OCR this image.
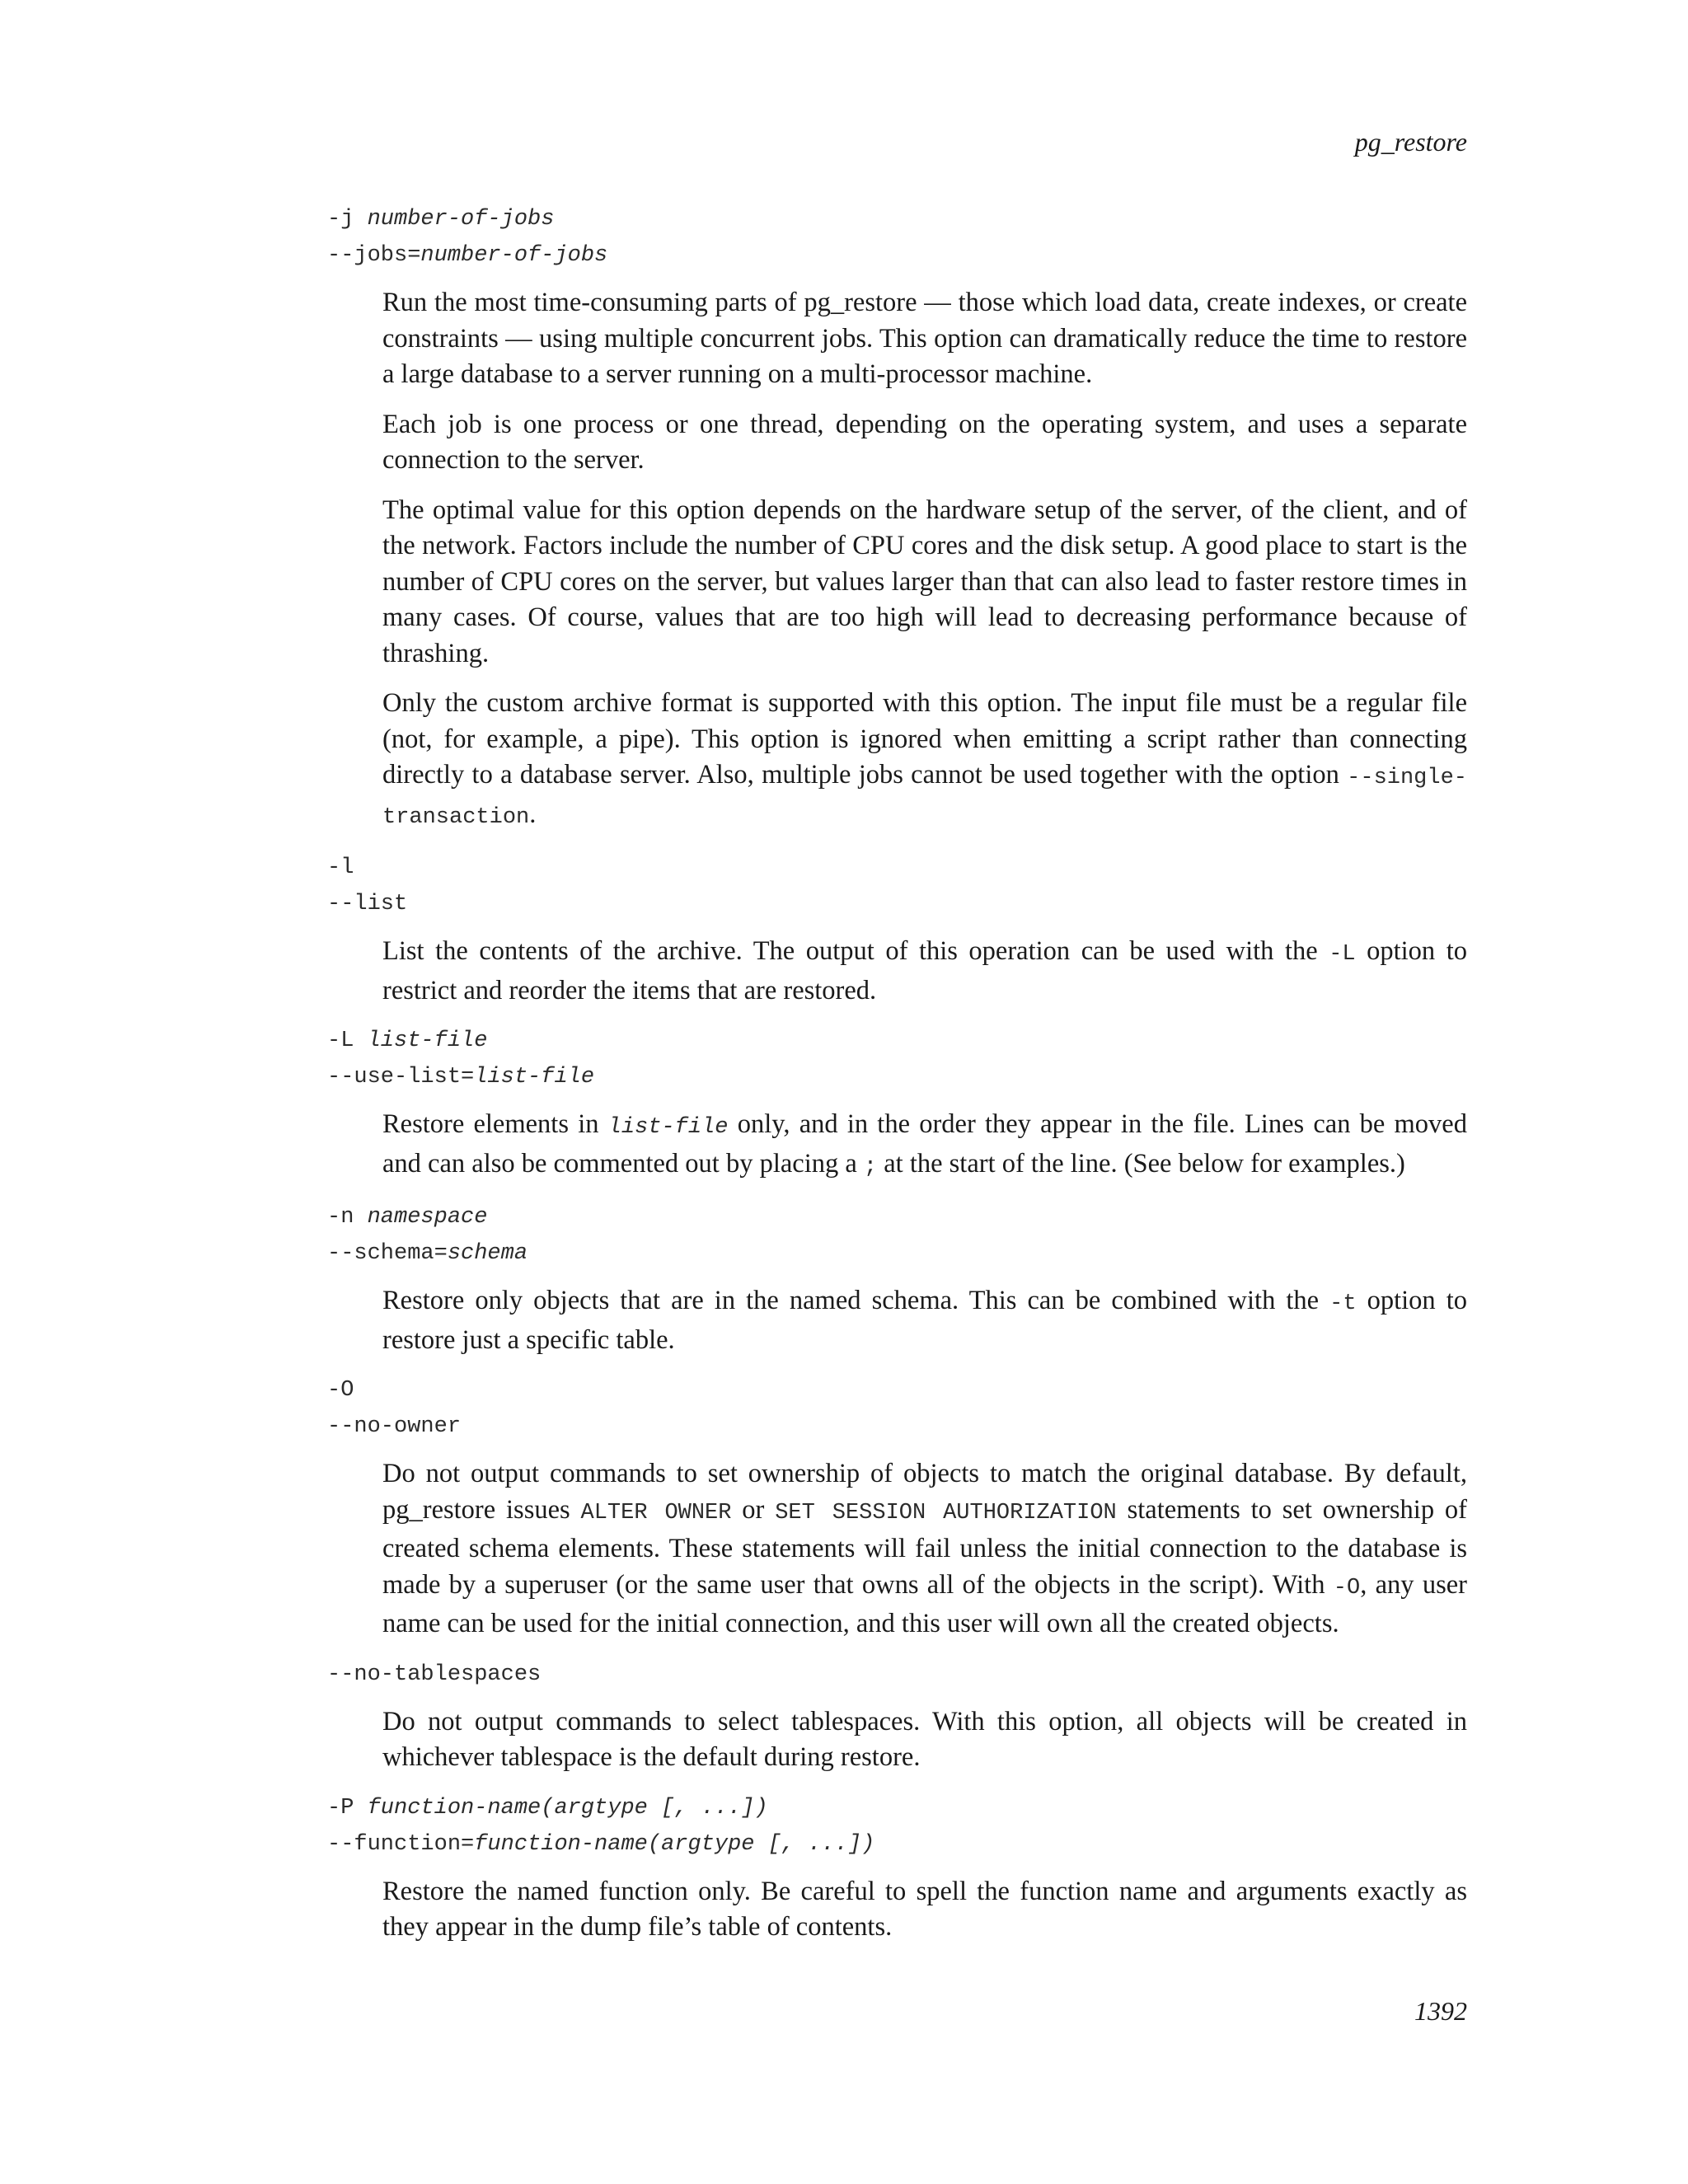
pg_restore
-j number-of-jobs
--jobs=number-of-jobs

Run the most time-consuming parts of pg_restore — those which load data, create indexes, or create constraints — using multiple concurrent jobs. This option can dramatically reduce the time to restore a large database to a server running on a multi-processor machine.

Each job is one process or one thread, depending on the operating system, and uses a separate connection to the server.

The optimal value for this option depends on the hardware setup of the server, of the client, and of the network. Factors include the number of CPU cores and the disk setup. A good place to start is the number of CPU cores on the server, but values larger than that can also lead to faster restore times in many cases. Of course, values that are too high will lead to decreasing performance because of thrashing.

Only the custom archive format is supported with this option. The input file must be a regular file (not, for example, a pipe). This option is ignored when emitting a script rather than connecting directly to a database server. Also, multiple jobs cannot be used together with the option --single-transaction.

-l
--list

List the contents of the archive. The output of this operation can be used with the -L option to restrict and reorder the items that are restored.

-L list-file
--use-list=list-file

Restore elements in list-file only, and in the order they appear in the file. Lines can be moved and can also be commented out by placing a ; at the start of the line. (See below for examples.)

-n namespace
--schema=schema

Restore only objects that are in the named schema. This can be combined with the -t option to restore just a specific table.

-O
--no-owner

Do not output commands to set ownership of objects to match the original database. By default, pg_restore issues ALTER OWNER or SET SESSION AUTHORIZATION statements to set ownership of created schema elements. These statements will fail unless the initial connection to the database is made by a superuser (or the same user that owns all of the objects in the script). With -O, any user name can be used for the initial connection, and this user will own all the created objects.

--no-tablespaces

Do not output commands to select tablespaces. With this option, all objects will be created in whichever tablespace is the default during restore.

-P function-name(argtype [, ...])
--function=function-name(argtype [, ...])

Restore the named function only. Be careful to spell the function name and arguments exactly as they appear in the dump file’s table of contents.

1392
